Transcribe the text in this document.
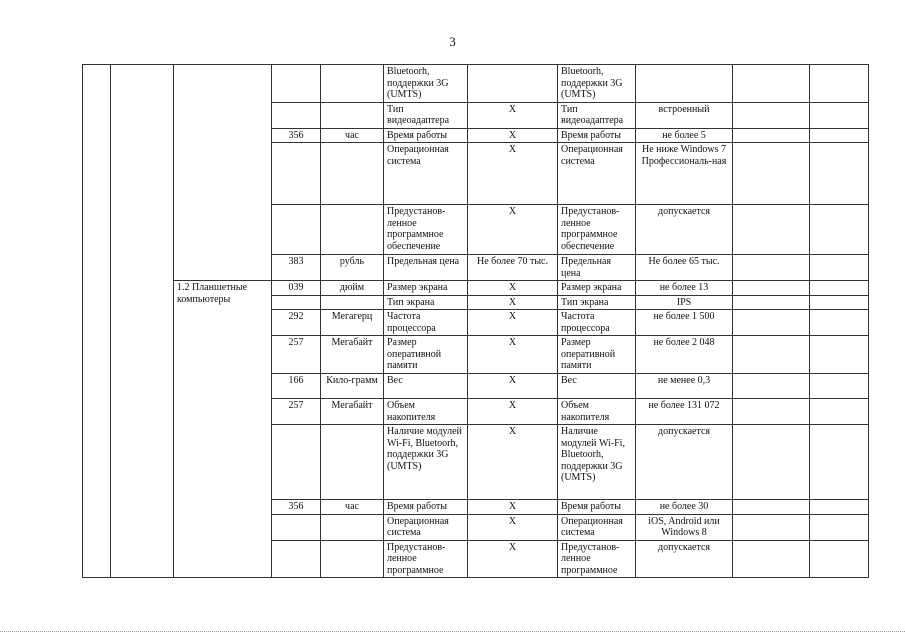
3
					Bluetoorh, поддержки 3G (UMTS)		Bluetoorh, поддержки 3G (UMTS)			
					Тип видеоадаптера	X	Тип видеоадаптера	встроенный		
			356	час	Время работы	X	Время работы	не более 5		
					Операционная система	X	Операционная система	Не ниже Windows 7 Профессиональ-ная		
					Предустанов-ленное программное обеспечение	X	Предустанов-ленное программное обеспечение	допускается		
			383	рубль	Предельная цена	Не более 70 тыс.	Предельная цена	Не более 65 тыс.		
		1.2 Планшетные компьютеры	039	дюйм	Размер экрана	X	Размер экрана	не более 13		
					Тип экрана	X	Тип экрана	IPS		
			292	Мегагерц	Частота процессора	X	Частота процессора	не более 1 500		
			257	Мегабайт	Размер оперативной памяти	X	Размер оперативной памяти	не более 2 048		
			166	Кило-грамм	Вес	X	Вес	не менее 0,3		
			257	Мегабайт	Объем накопителя	X	Объем накопителя	не более 131 072		
					Наличие модулей Wi-Fi, Bluetoorh, поддержки 3G (UMTS)	X	Наличие модулей Wi-Fi, Bluetoorh, поддержки 3G (UMTS)	допускается		
			356	час	Время работы	X	Время работы	не более 30		
					Операционная система	X	Операционная система	iOS, Android или Windows 8		
					Предустанов-ленное программное	X	Предустанов-ленное программное	допускается		
